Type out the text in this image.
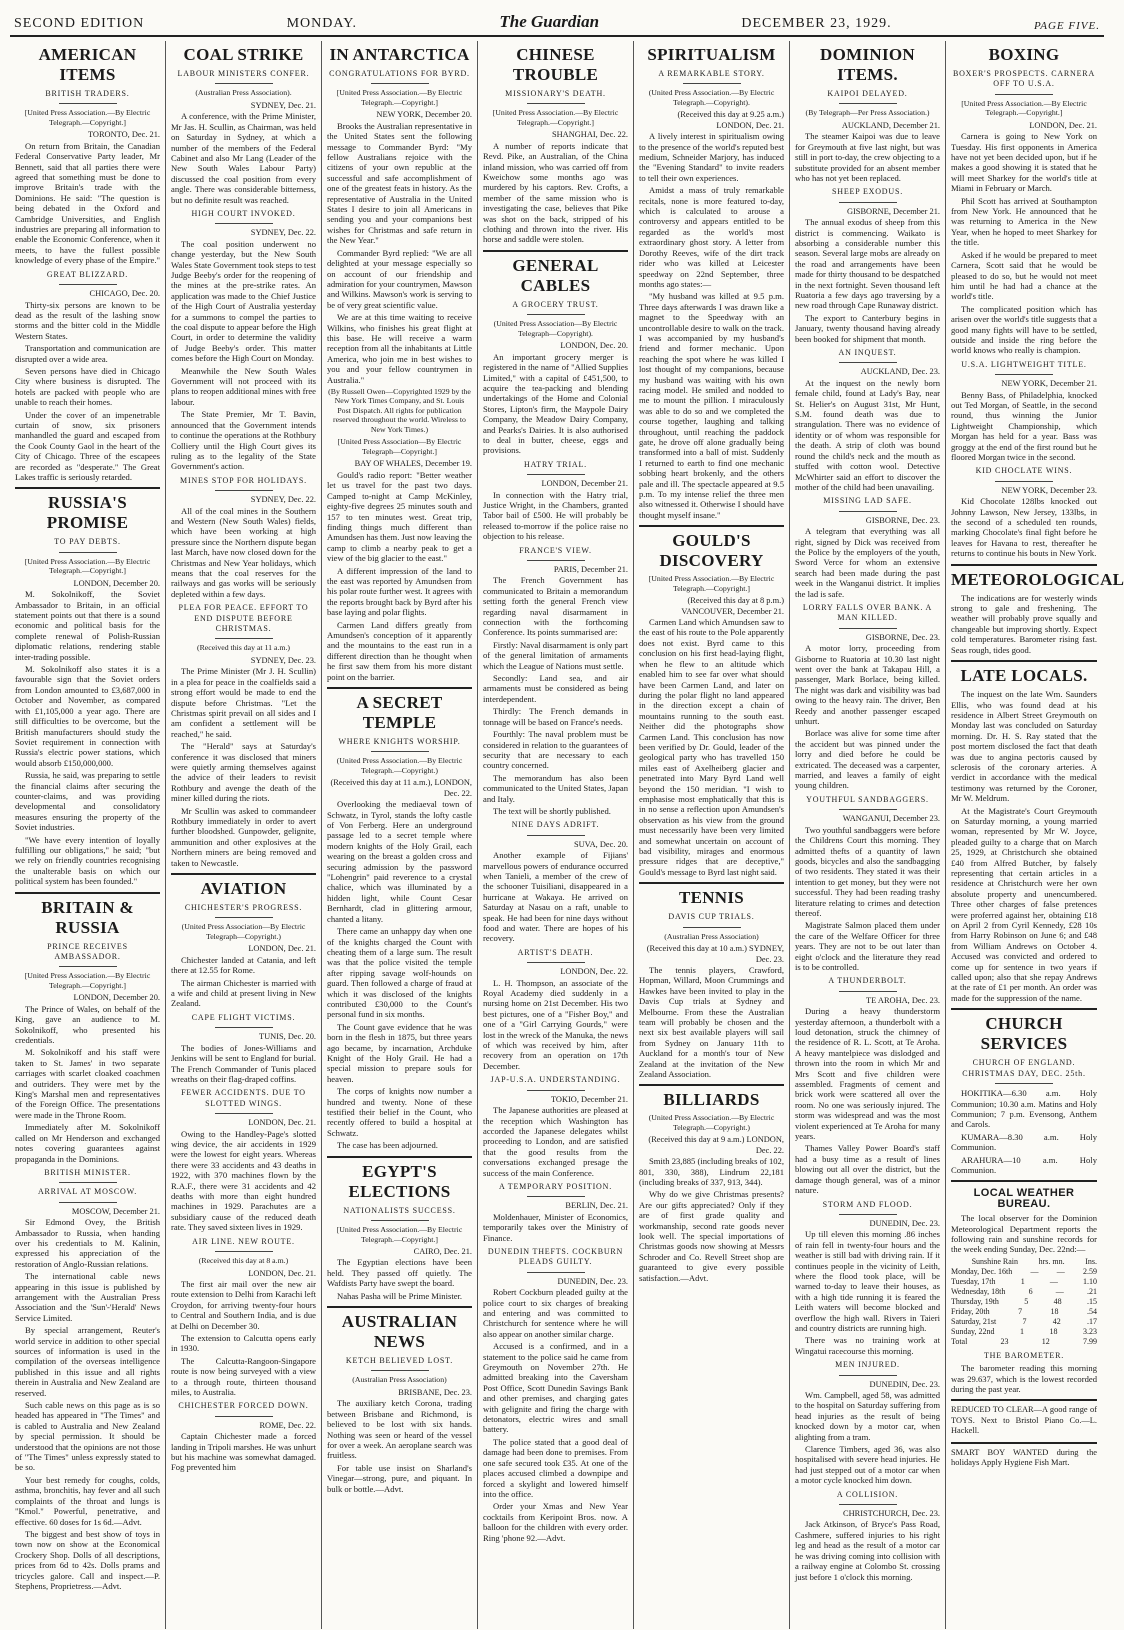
SECOND EDITION	MONDAY.	The Guardian	DECEMBER 23, 1929.	PAGE FIVE.
AMERICAN ITEMS
BRITISH TRADERS.
[United Press Association.—By Electric Telegraph.—Copyright.]
TORONTO, Dec. 21.

On return from Britain, the Canadian Federal Conservative Party leader, Mr Bennett, said that all parties there were agreed that something must be done to improve Britain's trade with the Dominions. He said: "The question is being debated in the Oxford and Cambridge Universities, and English industries are preparing all information to enable the Economic Conference, when it meets, to have the fullest possible knowledge of every phase of the Empire."

GREAT BLIZZARD.
CHICAGO, Dec. 20.

Thirty-six persons are known to be dead as the result of the lashing snow storms and the bitter cold in the Middle Western States.

Transportation and communication are disrupted over a wide area.

Seven persons have died in Chicago City where business is disrupted. The hotels are packed with people who are unable to reach their homes.

Under the cover of an impenetrable curtain of snow, six prisoners manhandled the guard and escaped from the Cook County Gaol in the heart of the City of Chicago. Three of the escapees are recorded as "desperate." The Great Lakes traffic is seriously retarded.

RUSSIA'S PROMISE
TO PAY DEBTS.
[United Press Association.—By Electric Telegraph.—Copyright.]
LONDON, December 20.

M. Sokolnikoff, the Soviet Ambassador to Britain, in an official statement points out that there is a sound economic and political basis for the complete renewal of Polish-Russian diplomatic relations, rendering stable inter-trading possible.

M. Sokolnikoff also states it is a favourable sign that the Soviet orders from London amounted to £3,687,000 in October and November, as compared with £1,105,000 a year ago. There are still difficulties to be overcome, but the British manufacturers should study the Soviet requirement in connection with Russia's electric power stations, which would absorb £150,000,000.

Russia, he said, was preparing to settle the financial claims after securing the counter-claims, and was providing developmental and consolidatory measures ensuring the property of the Soviet industries.

"We have every intention of loyally fulfilling our obligations," he said; "but we rely on friendly countries recognising the unalterable basis on which our political system has been founded."

BRITAIN & RUSSIA
PRINCE RECEIVES AMBASSADOR.
[United Press Association.—By Electric Telegraph.—Copyright.]
LONDON, December 20.

The Prince of Wales, on behalf of the King, gave an audience to M. Sokolnikoff, who presented his credentials.

M. Sokolnikoff and his staff were taken to St. James' in two separate carriages with scarlet cloaked coachmen and outriders. They were met by the King's Marshal men and representatives of the Foreign Office. The presentations were made in the Throne Room.

Immediately after M. Sokolnikoff called on Mr Henderson and exchanged notes covering guarantees against propaganda in the Dominions.

BRITISH MINISTER.
ARRIVAL AT MOSCOW.
MOSCOW, December 21.

Sir Edmond Ovey, the British Ambassador to Russia, when handing over his credentials to M. Kalinin, expressed his appreciation of the restoration of Anglo-Russian relations.

The international cable news appearing in this issue is published by arrangement with the Australian Press Association and the 'Sun'-'Herald' News Service Limited.

By special arrangement, Reuter's world service in addition to other special sources of information is used in the compilation of the overseas intelligence published in this issue and all rights therein in Australia and New Zealand are reserved.

Such cable news on this page as is so headed has appeared in "The Times" and is cabled to Australia and New Zealand by special permission. It should be understood that the opinions are not those of "The Times" unless expressly stated to be so.

Your best remedy for coughs, colds, asthma, bronchitis, hay fever and all such complaints of the throat and lungs is "Kmol." Powerful, penetrative, and effective. 60 doses for 1s 6d.—Advt.

The biggest and best show of toys in town now on show at the Economical Crockery Shop. Dolls of all descriptions, prices from 6d to 42s. Dolls prams and tricycles galore. Call and inspect.—P. Stephens, Proprietress.—Advt.

COAL STRIKE
LABOUR MINISTERS CONFER.
(Australian Press Association).
SYDNEY, Dec. 21.

A conference, with the Prime Minister, Mr Jas. H. Scullin, as Chairman, was held on Saturday in Sydney, at which a number of the members of the Federal Cabinet and also Mr Lang (Leader of the New South Wales Labour Party) discussed the coal position from every angle. There was considerable bitterness, but no definite result was reached.

HIGH COURT INVOKED.
SYDNEY, Dec. 22.

The coal position underwent no change yesterday, but the New South Wales State Government took steps to test Judge Beeby's order for the reopening of the mines at the pre-strike rates. An application was made to the Chief Justice of the High Court of Australia yesterday for a summons to compel the parties to the coal dispute to appear before the High Court, in order to determine the validity of Judge Beeby's order. This matter comes before the High Court on Monday.

Meanwhile the New South Wales Government will not proceed with its plans to reopen additional mines with free labour.

The State Premier, Mr T. Bavin, announced that the Government intends to continue the operations at the Rothbury Colliery until the High Court gives its ruling as to the legality of the State Government's action.

MINES STOP FOR HOLIDAYS.
SYDNEY, Dec. 22.

All of the coal mines in the Southern and Western (New South Wales) fields, which have been working at high pressure since the Northern dispute began last March, have now closed down for the Christmas and New Year holidays, which means that the coal reserves for the railways and gas works will be seriously depleted within a few days.

PLEA FOR PEACE. EFFORT TO END DISPUTE BEFORE CHRISTMAS.
(Received this day at 11 a.m.)
SYDNEY, Dec. 23.

The Prime Minister (Mr J. H. Scullin) in a plea for peace in the coalfields said a strong effort would be made to end the dispute before Christmas. "Let the Christmas spirit prevail on all sides and I am confident a settlement will be reached," he said.

The "Herald" says at Saturday's conference it was disclosed that miners were quietly arming themselves against the advice of their leaders to revisit Rothbury and avenge the death of the miner killed during the riots.

Mr Scullin was asked to commandeer Rothbury immediately in order to avert further bloodshed. Gunpowder, gelignite, ammunition and other explosives at the Northern miners are being removed and taken to Newcastle.

AVIATION
CHICHESTER'S PROGRESS.
(United Press Association—By Electric Telegraph—Copyright.)
LONDON, Dec. 21.

Chichester landed at Catania, and left there at 12.55 for Rome.

The airman Chichester is married with a wife and child at present living in New Zealand.

CAPE FLIGHT VICTIMS.
TUNIS, Dec. 20.

The bodies of Jones-Williams and Jenkins will be sent to England for burial. The French Commander of Tunis placed wreaths on their flag-draped coffins.

FEWER ACCIDENTS. DUE TO SLOTTED WINGS.
LONDON, Dec. 21.

Owing to the Handley-Page's slotted wing device, the air accidents in 1929 were the lowest for eight years. Whereas there were 33 accidents and 43 deaths in 1922, with 370 machines flown by the R.A.F., there were 31 accidents and 42 deaths with more than eight hundred machines in 1929. Parachutes are a subsidiary cause of the reduced death rate. They saved sixteen lives in 1929.

AIR LINE. NEW ROUTE.
(Received this day at 8 a.m.)
LONDON, Dec. 21.

The first air mail over the new air route extension to Delhi from Karachi left Croydon, for arriving twenty-four hours to Central and Southern India, and is due at Delhi on December 30.

The extension to Calcutta opens early in 1930.

The Calcutta-Rangoon-Singapore route is now being surveyed with a view to a through route, thirteen thousand miles, to Australia.

CHICHESTER FORCED DOWN.
ROME, Dec. 22.

Captain Chichester made a forced landing in Tripoli marshes. He was unhurt but his machine was somewhat damaged. Fog prevented him

IN ANTARCTICA
CONGRATULATIONS FOR BYRD.
[United Press Association.—By Electric Telegraph.—Copyright.]
NEW YORK, December 20.

Brooks the Australian representative in the United States sent the following message to Commander Byrd: "My fellow Australians rejoice with the citizens of your own republic at the successful and safe accomplishment of one of the greatest feats in history. As the representative of Australia in the United States I desire to join all Americans in sending you and your companions best wishes for Christmas and safe return in the New Year."

Commander Byrd replied: "We are all delighted at your message especially so on account of our friendship and admiration for your countrymen, Mawson and Wilkins. Mawson's work is serving to be of very great scientific value.

We are at this time waiting to receive Wilkins, who finishes his great flight at this base. He will receive a warm reception from all the inhabitants at Little America, who join me in best wishes to you and your fellow countrymen in Australia."

(By Russell Owen—Copyrighted 1929 by the New York Times Company, and St. Louis Post Dispatch. All rights for publication reserved throughout the world. Wireless to New York Times.)
[United Press Association—By Electric Telegraph—Copyright.]
BAY OF WHALES, December 19.

Gould's radio report: "Better weather let us travel for the past two days. Camped to-night at Camp McKinley, eighty-five degrees 25 minutes south and 157 to ten minutes west. Great trip, finding things much different than Amundsen has them. Just now leaving the camp to climb a nearby peak to get a view of the big glacier to the east."

A different impression of the land to the east was reported by Amundsen from his polar route further west. It agrees with the reports brought back by Byrd after his base laying and polar flights.

Carmen Land differs greatly from Amundsen's conception of it apparently and the mountains to the east run in a different direction than he thought when he first saw them from his more distant point on the barrier.

A SECRET TEMPLE
WHERE KNIGHTS WORSHIP.
(United Press Association.—By Electric Telegraph.—Copyright.)
(Received this day at 11 a.m.), LONDON, Dec. 22.

Overlooking the mediaeval town of Schwatz, in Tyrol, stands the lofty castle of Von Ferberg. Here an underground passage led to a secret temple where modern knights of the Holy Grail, each wearing on the breast a golden cross and securing admission by the password "Lohengrin" paid reverence to a crystal chalice, which was illuminated by a hidden light, while Count Cesar Bernhardt, clad in glittering armour, chanted a litany.

There came an unhappy day when one of the knights charged the Count with cheating them of a large sum. The result was that the police visited the temple after ripping savage wolf-hounds on guard. Then followed a charge of fraud at which it was disclosed of the knights contributed £30,000 to the Count's personal fund in six months.

The Count gave evidence that he was born in the flesh in 1875, but three years ago became, by incarnation, Archduke Knight of the Holy Grail. He had a special mission to prepare souls for heaven.

The corps of knights now number a hundred and twenty. None of these testified their belief in the Count, who recently offered to build a hospital at Schwatz.

The case has been adjourned.

EGYPT'S ELECTIONS
NATIONALISTS SUCCESS.
[United Press Association.—By Electric Telegraph.—Copyright.]
CAIRO, Dec. 21.

The Egyptian elections have been held. They passed off quietly. The Wafdists Party have swept the board.

Nahas Pasha will be Prime Minister.

AUSTRALIAN NEWS
KETCH BELIEVED LOST.
(Australian Press Association)
BRISBANE, Dec. 23.

The auxiliary ketch Corona, trading between Brisbane and Richmond, is believed to be lost with six hands. Nothing was seen or heard of the vessel for over a week. An aeroplane search was fruitless.

For table use insist on Sharland's Vinegar—strong, pure, and piquant. In bulk or bottle.—Advt.

CHINESE TROUBLE
MISSIONARY'S DEATH.
[United Press Association.—By Electric Telegraph.—Copyright.]
SHANGHAI, Dec. 22.

A number of reports indicate that Revd. Pike, an Australian, of the China inland mission, who was carried off from Kweichow some months ago was murdered by his captors. Rev. Crofts, a member of the same mission who is investigating the case, believes that Pike was shot on the back, stripped of his clothing and thrown into the river. His horse and saddle were stolen.

GENERAL CABLES
A GROCERY TRUST.
(United Press Association—By Electric Telegraph—Copyright).
LONDON, Dec. 20.

An important grocery merger is registered in the name of "Allied Supplies Limited," with a capital of £451,500, to acquire the tea-packing and blending undertakings of the Home and Colonial Stores, Lipton's firm, the Maypole Dairy Company, the Meadow Dairy Company, and Pearks's Dairies. It is also authorised to deal in butter, cheese, eggs and provisions.

HATRY TRIAL.
LONDON, December 21.

In connection with the Hatry trial, Justice Wright, in the Chambers, granted Tabor bail of £500. He will probably be released to-morrow if the police raise no objection to his release.

FRANCE'S VIEW.
PARIS, December 21.

The French Government has communicated to Britain a memorandum setting forth the general French view regarding naval disarmament in connection with the forthcoming Conference. Its points summarised are:

Firstly: Naval disarmament is only part of the general limitation of armaments which the League of Nations must settle.

Secondly: Land sea, and air armaments must be considered as being interdependent.

Thirdly: The French demands in tonnage will be based on France's needs.

Fourthly: The naval problem must be considered in relation to the guarantees of security that are necessary to each country concerned.

The memorandum has also been communicated to the United States, Japan and Italy.

The text will be shortly published.

NINE DAYS ADRIFT.
SUVA, Dec. 20.

Another example of Fijians' marvellous powers of endurance occurred when Tanieli, a member of the crew of the schooner Tuisiliani, disappeared in a hurricane at Wakaya. He arrived on Saturday at Nasau on a raft, unable to speak. He had been for nine days without food and water. There are hopes of his recovery.

ARTIST'S DEATH.
LONDON, Dec. 22.

L. H. Thompson, an associate of the Royal Academy died suddenly in a nursing home on 21st December. His two best pictures, one of a "Fisher Boy," and one of a "Girl Carrying Gourds," were lost in the wreck of the Manuka, the news of which was received by him, after recovery from an operation on 17th December.

JAP-U.S.A. UNDERSTANDING.
TOKIO, December 21.

The Japanese authorities are pleased at the reception which Washington has accorded the Japanese delegates whilst proceeding to London, and are satisfied that the good results from the conversations exchanged presage the success of the main Conference.

A TEMPORARY POSITION.
BERLIN, Dec. 21.

Moldenhauer, Minister of Economics, temporarily takes over the Ministry of Finance.

DUNEDIN THEFTS. COCKBURN PLEADS GUILTY.
DUNEDIN, Dec. 23.

Robert Cockburn pleaded guilty at the police court to six charges of breaking and entering and was committed to Christchurch for sentence where he will also appear on another similar charge.

Accused is a confirmed, and in a statement to the police said he came from Greymouth on November 27th. He admitted breaking into the Caversham Post Office, Scott Dunedin Savings Bank and other premises, and charging gates with gelignite and firing the charge with detonators, electric wires and small battery.

The police stated that a good deal of damage had been done to premises. From one safe secured took £35. At one of the places accused climbed a downpipe and forced a skylight and lowered himself into the office.

Order your Xmas and New Year cocktails from Keripoint Bros. now. A balloon for the children with every order. Ring 'phone 92.—Advt.

SPIRITUALISM
A REMARKABLE STORY.
(United Press Association.—By Electric Telegraph.—Copyright).
(Received this day at 9.25 a.m.) LONDON, Dec. 21.

A lively interest in spiritualism owing to the presence of the world's reputed best medium, Schneider Marjory, has induced the "Evening Standard" to invite readers to tell their own experiences.

Amidst a mass of truly remarkable recitals, none is more featured to-day, which is calculated to arouse a controversy and appears entitled to be regarded as the world's most extraordinary ghost story. A letter from Dorothy Reeves, wife of the dirt track rider who was killed at Leicester speedway on 22nd September, three months ago states:—

"My husband was killed at 9.5 p.m. Three days afterwards I was drawn like a magnet to the Speedway with an uncontrollable desire to walk on the track. I was accompanied by my husband's friend and former mechanic. Upon reaching the spot where he was killed I lost thought of my companions, because my husband was waiting with his own racing model. He smiled and nodded to me to mount the pillion. I miraculously was able to do so and we completed the course together, laughing and talking throughout, until reaching the paddock gate, he drove off alone gradually being transformed into a ball of mist. Suddenly I returned to earth to find one mechanic sobbing heart brokenly, and the others pale and ill. The spectacle appeared at 9.5 p.m. To my intense relief the three men also witnessed it. Otherwise I should have thought myself insane."

GOULD'S DISCOVERY
[United Press Association.—By Electric Telegraph.—Copyright.]
(Received this day at 8 p.m.) VANCOUVER, December 21.

Carmen Land which Amundsen saw to the east of his route to the Pole apparently does not exist. Byrd came to this conclusion on his first head-laying flight, when he flew to an altitude which enabled him to see far over what should have been Carmen Land, and later on during the polar flight no land appeared in the direction except a chain of mountains running to the south east. Neither did the photographs show Carmen Land. This conclusion has now been verified by Dr. Gould, leader of the geological party who has travelled 150 miles east of Axelheiberg glacier and penetrated into Mary Byrd Land well beyond the 150 meridian. "I wish to emphasise most emphatically that this is in no sense a reflection upon Amundsen's observation as his view from the ground must necessarily have been very limited and somewhat uncertain on account of bad visibility, mirages and enormous pressure ridges that are deceptive," Gould's message to Byrd last night said.

TENNIS
DAVIS CUP TRIALS.
(Australian Press Association)
(Received this day at 10 a.m.) SYDNEY, Dec. 23.

The tennis players, Crawford, Hopman, Willard, Moon Crummings and Hawkes have been invited to play in the Davis Cup trials at Sydney and Melbourne. From these the Australian team will probably be chosen and the next six best available players will sail from Sydney on January 11th to Auckland for a month's tour of New Zealand at the invitation of the New Zealand Association.

BILLIARDS
(United Press Association.—By Electric Telegraph.—Copyright.)
(Received this day at 9 a.m.) LONDON, Dec. 22.

Smith 23,885 (including breaks of 102, 801, 330, 388), Lindrum 22,181 (including breaks of 337, 913, 344).

Why do we give Christmas presents? Are our gifts appreciated? Only if they are of first grade quality and workmanship, second rate goods never look well. The special importations of Christmas goods now showing at Messrs Schroder and Co. Revell Street shop are guaranteed to give every possible satisfaction.—Advt.

DOMINION ITEMS.
KAIPOI DELAYED.
(By Telegraph—Per Press Association.)
AUCKLAND, December 21.

The steamer Kaipoi was due to leave for Greymouth at five last night, but was still in port to-day, the crew objecting to a substitute provided for an absent member who has not yet been replaced.

SHEEP EXODUS.
GISBORNE, December 21.

The annual exodus of sheep from this district is commencing. Waikato is absorbing a considerable number this season. Several large mobs are already on the road and arrangements have been made for thirty thousand to be despatched in the next fortnight. Seven thousand left Ruatoria a few days ago traversing by a new road through Cape Runaway district.

The export to Canterbury begins in January, twenty thousand having already been booked for shipment that month.

AN INQUEST.
AUCKLAND, Dec. 23.

At the inquest on the newly born female child, found at Lady's Bay, near St. Helier's on August 31st, Mr Hunt, S.M. found death was due to strangulation. There was no evidence of identity or of whom was responsible for the death. A strip of cloth was bound round the child's neck and the mouth as stuffed with cotton wool. Detective McWhirter said an effort to discover the mother of the child had been unavailing.

MISSING LAD SAFE.
GISBORNE, Dec. 23.

A telegram that everything was all right, signed by Dick was received from the Police by the employers of the youth, Sword Verce for whom an extensive search had been made during the past week in the Wanganui district. It implies the lad is safe.

LORRY FALLS OVER BANK. A MAN KILLED.
GISBORNE, Dec. 23.

A motor lorry, proceeding from Gisborne to Ruatoria at 10.30 last night went over the bank at Takapau Hill, a passenger, Mark Borlace, being killed. The night was dark and visibility was bad owing to the heavy rain. The driver, Ben Reedy and another passenger escaped unhurt.

Borlace was alive for some time after the accident but was pinned under the lorry and died before he could be extricated. The deceased was a carpenter, married, and leaves a family of eight young children.

YOUTHFUL SANDBAGGERS.
WANGANUI, December 23.

Two youthful sandbaggers were before the Childrens Court this morning. They admitted thefts of a quantity of lawn goods, bicycles and also the sandbagging of two residents. They stated it was their intention to get money, but they were not successful. They had been reading trashy literature relating to crimes and detection thereof.

Magistrate Salmon placed them under the care of the Welfare Officer for three years. They are not to be out later than eight o'clock and the literature they read is to be controlled.

A THUNDERBOLT.
TE AROHA, Dec. 23.

During a heavy thunderstorm yesterday afternoon, a thunderbolt with a loud detonation, struck the chimney of the residence of R. L. Scott, at Te Aroha. A heavy mantelpiece was dislodged and thrown into the room in which Mr and Mrs Scott and five children were assembled. Fragments of cement and brick work were scattered all over the room. No one was seriously injured. The storm was widespread and was the most violent experienced at Te Aroha for many years.

Thames Valley Power Board's staff had a busy time as a result of lines blowing out all over the district, but the damage though general, was of a minor nature.

STORM AND FLOOD.
DUNEDIN, Dec. 23.

Up till eleven this morning .86 inches of rain fell in twenty-four hours and the weather is still bad with driving rain. If it continues people in the vicinity of Leith, where the flood took place, will be warned to-day to leave their houses, as with a high tide running it is feared the Leith waters will become blocked and overflow the high wall. Rivers in Taieri and country districts are running high.

There was no training work at Wingatui racecourse this morning.

MEN INJURED.
DUNEDIN, Dec. 23.

Wm. Campbell, aged 58, was admitted to the hospital on Saturday suffering from head injuries as the result of being knocked down by a motor car, when alighting from a tram.

Clarence Timbers, aged 36, was also hospitalised with severe head injuries. He had just stepped out of a motor car when a motor cycle knocked him down.

A COLLISION.
CHRISTCHURCH, Dec. 23.

Jack Atkinson, of Bryce's Pass Road, Cashmere, suffered injuries to his right leg and head as the result of a motor car he was driving coming into collision with a railway engine at Colombo St. crossing just before 1 o'clock this morning.

BOXING
BOXER'S PROSPECTS. CARNERA OFF TO U.S.A.
[United Press Association.—By Electric Telegraph.—Copyright.]
LONDON, Dec. 21.

Carnera is going to New York on Tuesday. His first opponents in America have not yet been decided upon, but if he makes a good showing it is stated that he will meet Sharkey for the world's title at Miami in February or March.

Phil Scott has arrived at Southampton from New York. He announced that he was returning to America in the New Year, when he hoped to meet Sharkey for the title.

Asked if he would be prepared to meet Carnera, Scott said that he would be pleased to do so, but he would not meet him until he had had a chance at the world's title.

The complicated position which has arisen over the world's title suggests that a good many fights will have to be settled, outside and inside the ring before the world knows who really is champion.

U.S.A. LIGHTWEIGHT TITLE.
NEW YORK, December 21.

Benny Bass, of Philadelphia, knocked out Ted Morgan, of Seattle, in the second round, thus winning the Junior Lightweight Championship, which Morgan has held for a year. Bass was groggy at the end of the first round but he floored Morgan twice in the second.

KID CHOCLATE WINS.
NEW YORK, December 23.

Kid Chocolate 128lbs knocked out Johnny Lawson, New Jersey, 133lbs, in the second of a scheduled ten rounds, marking Chocolate's final fight before he leaves for Havana to rest, thereafter he returns to continue his bouts in New York.

METEOROLOGICAL

The indications are for westerly winds strong to gale and freshening. The weather will probably prove squally and changeable but improving shortly. Expect cold temperatures. Barometer rising fast. Seas rough, tides good.

LATE LOCALS.

The inquest on the late Wm. Saunders Ellis, who was found dead at his residence in Albert Street Greymouth on Monday last was concluded on Saturday morning. Dr. H. S. Ray stated that the post mortem disclosed the fact that death was due to angina pectoris caused by sclerosis of the coronary arteries. A verdict in accordance with the medical testimony was returned by the Coroner, Mr W. Meldrum.

At the Magistrate's Court Greymouth on Saturday morning, a young married woman, represented by Mr W. Joyce, pleaded guilty to a charge that on March 25, 1929, at Christchurch she obtained £40 from Alfred Butcher, by falsely representing that certain articles in a residence at Christchurch were her own absolute property and unencumbered. Three other charges of false pretences were proferred against her, obtaining £18 on April 2 from Cyril Kennedy, £28 10s from Harry Robinson on June 6; and £48 from William Andrews on October 4. Accused was convicted and ordered to come up for sentence in two years if called upon; also that she repay Andrews at the rate of £1 per month. An order was made for the suppression of the name.

CHURCH SERVICES
CHURCH OF ENGLAND. CHRISTMAS DAY, DEC. 25th.

HOKITIKA—6.30 a.m. Holy Communion; 10.30 a.m. Matins and Holy Communion; 7 p.m. Evensong, Anthem and Carols.

KUMARA—8.30 a.m. Holy Communion.

ARAHURA—10 a.m. Holy Communion.

LOCAL WEATHER BUREAU.

The local observer for the Dominion Meteorological Department reports the following rain and sunshine records for the week ending Sunday, Dec. 22nd:—

Sunshine Rain	hrs. mn.	Ins.
Monday, Dec. 16th — — 2.59
Tuesday, 17th	1	—	1.10
Wednesday, 18th	6	—	.21
Thursday, 19th	5	48	.15
Friday, 20th	7	18	.54
Saturday, 21st	7	42	.17
Sunday, 22nd	1	18	3.23
Total	23	12	7.99
THE BAROMETER.

The barometer reading this morning was 29.637, which is the lowest recorded during the past year.

REDUCED TO CLEAR—A good range of TOYS. Next to Bristol Piano Co.—L. Hackell.
SMART BOY WANTED during the holidays Apply Hygiene Fish Mart.
